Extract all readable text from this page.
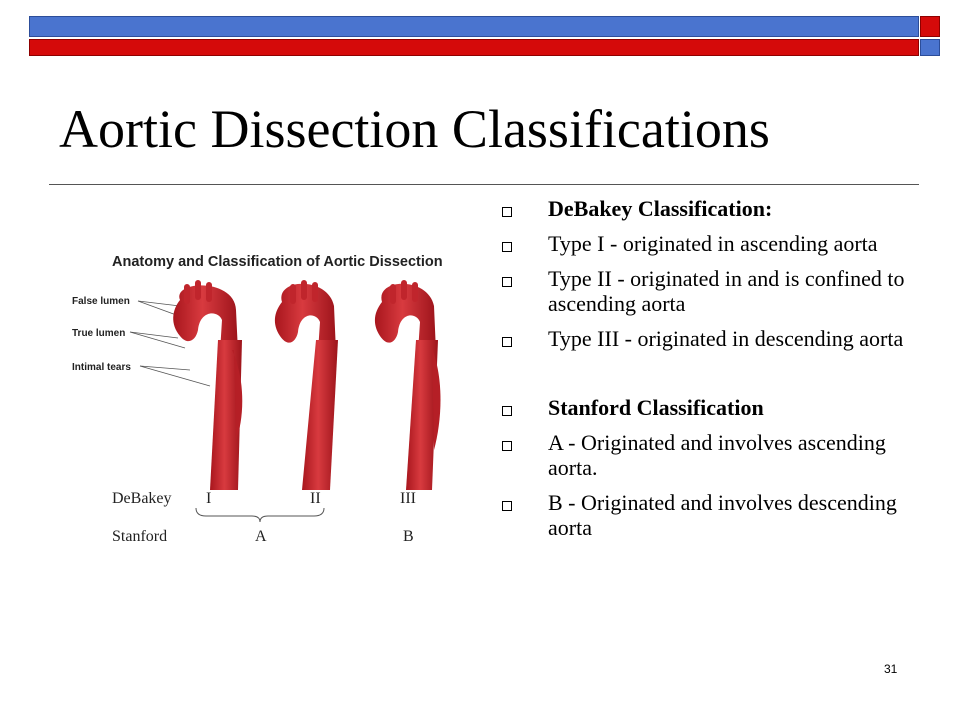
Aortic Dissection Classifications
Anatomy and Classification of Aortic Dissection
False lumen
True lumen
Intimal tears
DeBakey I	II	III
Stanford	A	B
DeBakey Classification:
Type I - originated in ascending aorta
Type II - originated in and is confined to ascending aorta
Type III - originated in descending aorta
Stanford Classification
A - Originated and involves ascending aorta.
B - Originated and involves descending aorta
31
